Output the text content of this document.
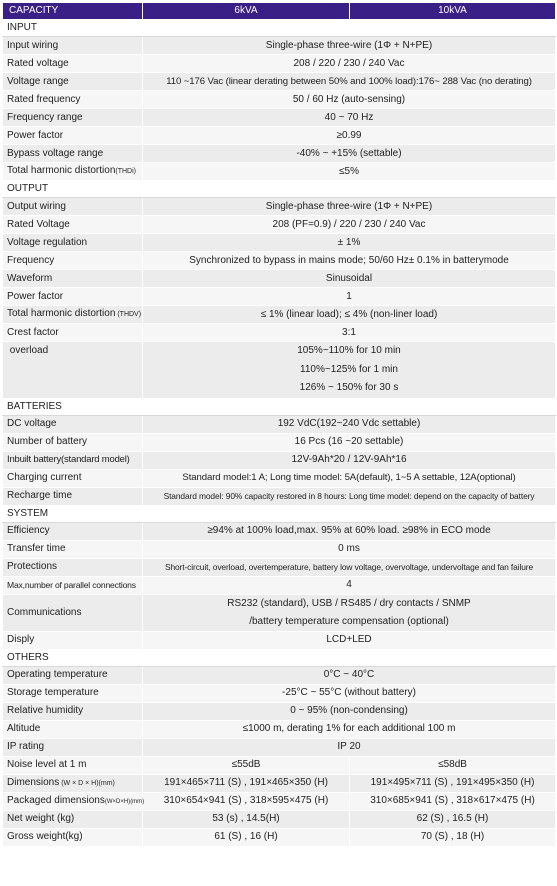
CAPACITY	6kVA	10kVA
INPUT		
Input wiring	Single-phase three-wire (1Φ + N+PE)	
Rated voltage	208 / 220 / 230 / 240 Vac	
Voltage range	110 ~176 Vac (linear derating between 50% and 100% load):176~ 288 Vac (no derating)	
Rated frequency	50 / 60 Hz (auto-sensing)	
Frequency range	40 ~ 70 Hz	
Power factor	≥0.99	
Bypass voltage range	-40% ~ +15% (settable)	
Total harmonic distortion(THDi)	≤5%	
OUTPUT		
Output wiring	Single-phase three-wire (1Φ + N+PE)	
Rated Voltage	208 (PF=0.9) / 220 / 230 / 240 Vac	
Voltage regulation	± 1%	
Frequency	Synchronized to bypass in mains mode; 50/60 Hz± 0.1% in batterymode	
Waveform	Sinusoidal	
Power factor	1	
Total harmonic distortion (THDV)	≤ 1% (linear load); ≤ 4% (non-liner load)	
Crest factor	3:1	
overload	105%~110% for 10 min
110%~125% for 1 min
126% ~ 150% for 30 s	

BATTERIES		
DC voltage	192 VdC(192~240 Vdc settable)	
Number of battery	16 Pcs (16 ~20 settable)	
Inbuilt battery(standard model)	12V-9Ah*20 / 12V-9Ah*16	
Charging current	Standard model:1 A; Long time model: 5A(default), 1~5 A settable, 12A(optional)	
Recharge time	Standard model: 90% capacity restored in 8 hours: Long time model: depend on the capacity of battery	
SYSTEM		
Efficiency	≥94% at 100% load,max. 95% at 60% load. ≥98% in ECO mode	
Transfer time	0 ms	
Protections	Short-circuit, overload, overtemperature, battery low voltage, overvoltage, undervoltage and fan failure	
Max,number of parallel connections	4	
Communications	RS232 (standard), USB / RS485 / dry contacts / SNMP
/battery temperature compensation (optional)	

Disply	LCD+LED	
OTHERS		
Operating temperature	0°C ~ 40°C	
Storage temperature	-25°C ~ 55°C (without battery)	
Relative humidity	0 ~ 95% (non-condensing)	
Altitude	≤1000 m, derating 1% for each additional 100 m	
IP rating	IP 20	
Noise level at 1 m	≤55dB	≤58dB
Dimensions (W × D × H)(mm)	191×465×711 (S) , 191×465×350 (H)	191×495×711 (S) , 191×495×350 (H)
Packaged dimensions(W×D×H)(mm)	310×654×941 (S) , 318×595×475 (H)	310×685×941 (S) , 318×617×475 (H)
Net weight (kg)	53 (s) , 14.5(H)	62 (S) , 16.5 (H)
Gross weight(kg)	61 (S) , 16 (H)	70 (S) , 18 (H)
